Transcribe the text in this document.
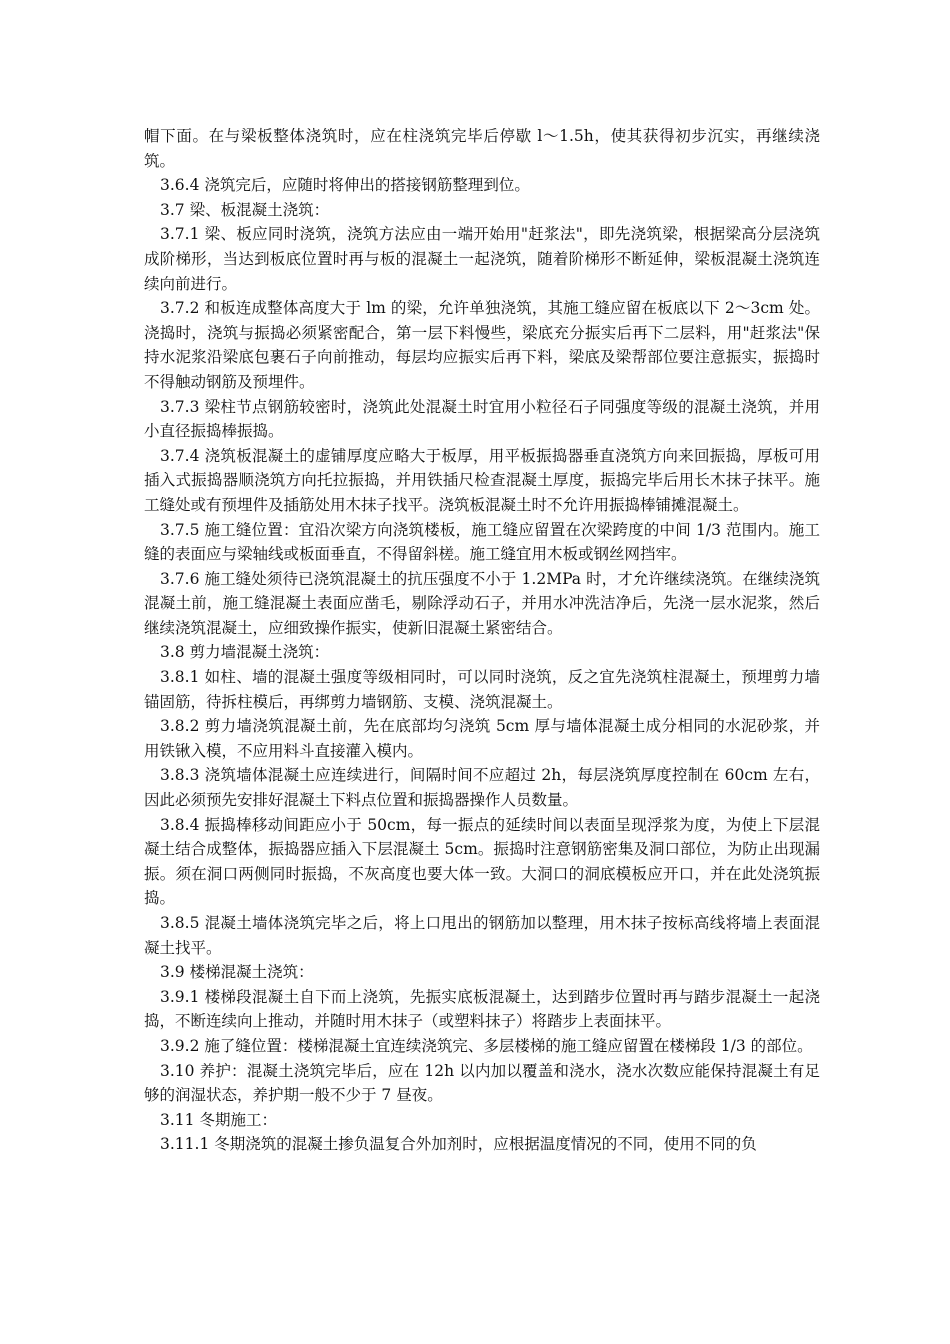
帽下面。在与梁板整体浇筑时，应在柱浇筑完毕后停歇 l～1.5h，使其获得初步沉实，再继续浇筑。

3.6.4 浇筑完后，应随时将伸出的搭接钢筋整理到位。

3.7 梁、板混凝土浇筑：

3.7.1 梁、板应同时浇筑，浇筑方法应由一端开始用"赶浆法"，即先浇筑梁，根据梁高分层浇筑成阶梯形，当达到板底位置时再与板的混凝土一起浇筑，随着阶梯形不断延伸，梁板混凝土浇筑连续向前进行。

3.7.2 和板连成整体高度大于 lm 的梁，允许单独浇筑，其施工缝应留在板底以下 2～3cm 处。浇捣时，浇筑与振捣必须紧密配合，第一层下料慢些，梁底充分振实后再下二层料，用"赶浆法"保持水泥浆沿梁底包裹石子向前推动，每层均应振实后再下料，梁底及梁帮部位要注意振实，振捣时不得触动钢筋及预埋件。

3.7.3 梁柱节点钢筋较密时，浇筑此处混凝土时宜用小粒径石子同强度等级的混凝土浇筑，并用小直径振捣棒振捣。

3.7.4 浇筑板混凝土的虚铺厚度应略大于板厚，用平板振捣器垂直浇筑方向来回振捣，厚板可用插入式振捣器顺浇筑方向托拉振捣，并用铁插尺检查混凝土厚度，振捣完毕后用长木抹子抹平。施工缝处或有预埋件及插筋处用木抹子找平。浇筑板混凝土时不允许用振捣棒铺摊混凝土。

3.7.5 施工缝位置：宜沿次梁方向浇筑楼板，施工缝应留置在次梁跨度的中间 1/3 范围内。施工缝的表面应与梁轴线或板面垂直，不得留斜槎。施工缝宜用木板或钢丝网挡牢。

3.7.6 施工缝处须待已浇筑混凝土的抗压强度不小于 1.2MPa 时，才允许继续浇筑。在继续浇筑混凝土前，施工缝混凝土表面应凿毛，剔除浮动石子，并用水冲洗洁净后，先浇一层水泥浆，然后继续浇筑混凝土，应细致操作振实，使新旧混凝土紧密结合。

3.8 剪力墙混凝土浇筑：

3.8.1 如柱、墙的混凝土强度等级相同时，可以同时浇筑，反之宜先浇筑柱混凝土，预埋剪力墙锚固筋，待拆柱模后，再绑剪力墙钢筋、支模、浇筑混凝土。

3.8.2 剪力墙浇筑混凝土前，先在底部均匀浇筑 5cm 厚与墙体混凝土成分相同的水泥砂浆，并用铁锹入模，不应用料斗直接灌入模内。

3.8.3 浇筑墙体混凝土应连续进行，间隔时间不应超过 2h，每层浇筑厚度控制在 60cm 左右，因此必须预先安排好混凝土下料点位置和振捣器操作人员数量。

3.8.4 振捣棒移动间距应小于 50cm，每一振点的延续时间以表面呈现浮浆为度，为使上下层混凝土结合成整体，振捣器应插入下层混凝土 5cm。振捣时注意钢筋密集及洞口部位，为防止出现漏振。须在洞口两侧同时振捣，不灰高度也要大体一致。大洞口的洞底模板应开口，并在此处浇筑振捣。

3.8.5 混凝土墙体浇筑完毕之后，将上口甩出的钢筋加以整理，用木抹子按标高线将墙上表面混凝土找平。

3.9 楼梯混凝土浇筑：

3.9.1 楼梯段混凝土自下而上浇筑，先振实底板混凝土，达到踏步位置时再与踏步混凝土一起浇捣，不断连续向上推动，并随时用木抹子（或塑料抹子）将踏步上表面抹平。

3.9.2 施了缝位置：楼梯混凝土宜连续浇筑完、多层楼梯的施工缝应留置在楼梯段 1/3 的部位。

3.10 养护：混凝土浇筑完毕后，应在 12h 以内加以覆盖和浇水，浇水次数应能保持混凝土有足够的润湿状态，养护期一般不少于 7 昼夜。

3.11 冬期施工：

3.11.1 冬期浇筑的混凝土掺负温复合外加剂时，应根据温度情况的不同，使用不同的负
